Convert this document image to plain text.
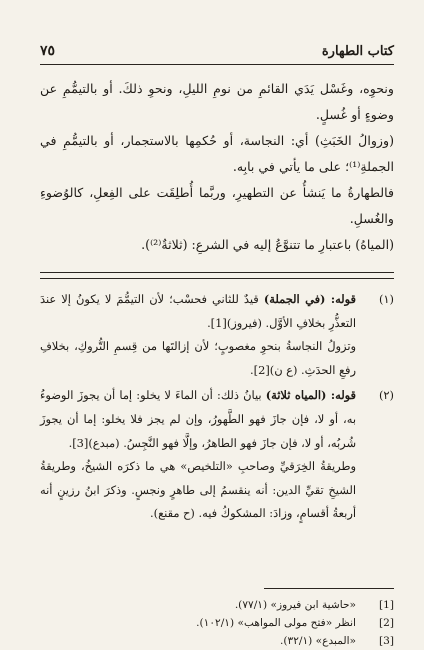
كتاب الطهارة
٧٥

ونحوِه، وغَسْل يَدَي القائمِ من نومِ الليلِ، ونحوِ ذلكَ. أو بالتيمُّمِ عن وضوءٍ أو غُسلٍ.

(وزوالُ الخَبَثِ) أي: النجاسة، أو حُكمِها بالاستجمار، أو بالتيمُّمِ في الجملةِ⁽¹⁾؛ على ما يأتي في بابِه.

فالطهارةُ ما يَنشأُ عن التطهيرِ، وربَّما أُطلِقَت على الفِعلِ، كالوُضوءِ والغُسلِ.

(المياهُ) باعتبارِ ما تتنوَّعُ إليه في الشرعِ: (ثلاثةٌ⁽²⁾).

(١)

قوله: (في الجملة) قيدٌ للثاني فحسْب؛ لأن التيمُّمَ لا يكونُ إلا عندَ التعذُّرِ بخلافِ الأوَّل. (فيروز)[1].

وتزولُ النجاسةُ بنحوِ مغصوبٍ؛ لأن إزالتَها من قِسمِ التُّروكِ، بخلافِ رفعِ الحدَثِ. (ع ن)[2].

(٢)

قوله: (المياه ثلاثة) بيانُ ذلك: أن الماءَ لا يخلو: إما أن يجوزَ الوضوءُ به، أو لا، فإن جازَ فهو الطَّهورُ، وإن لم يجز فلا يخلو: إما أن يجوزَ شُربُه، أو لا، فإن جازَ فهو الطاهرُ، وإلَّا فهو النَّجِسُ. (مبدع)[3].

وطريقةُ الخِرَقيِّ وصاحبِ «التلخيص» هي ما ذكرَه الشيخُ، وطريقةُ الشيخِ تقيِّ الدين: أنه ينقسمُ إلى طاهرٍ ونجسٍ. وذكرَ ابنُ رزينٍ أنه أربعةُ أقسامٍ، وزادَ: المشكوكُ فيه. (ح مقنع).

[1]
«حاشية ابن فيروز» (٧٧/١).
[2]
انظر «فتح مولى المواهب» (١٠٢/١).
[3]
«المبدع» (٣٢/١).
